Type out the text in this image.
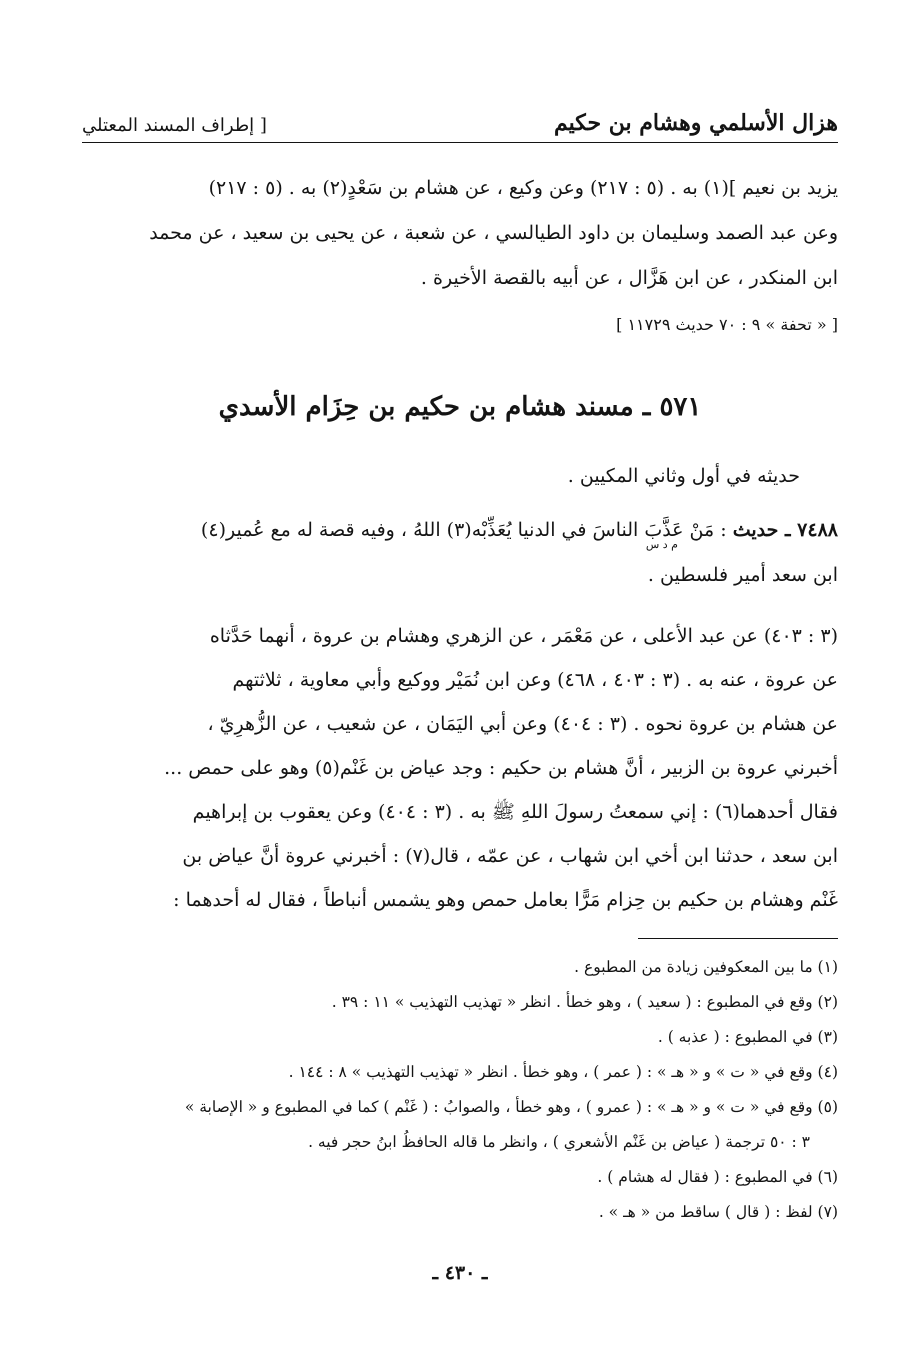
هزال الأسلمي وهشام بن حكيم
[ إطراف المسند المعتلي
يزيد بن نعيم ](١) به . (٥ : ٢١٧) وعن وكيع ، عن هشام بن سَعْدٍ(٢) به . (٥ : ٢١٧)
وعن عبد الصمد وسليمان بن داود الطيالسي ، عن شعبة ، عن يحيى بن سعيد ، عن محمد
ابن المنكدر ، عن ابن هَزَّال ، عن أبيه بالقصة الأخيرة .
[ « تحفة » ٩ : ٧٠ حديث ١١٧٢٩ ]
٥٧١ ـ مسند هشام بن حكيم بن حِزَام الأسدي
حديثه في أول وثاني المكيين .
٧٤٨٨ ـ حديث : مَنْ عَذَّبَ الناسَ في الدنيا يُعَذِّبْه(٣) اللهُ ، وفيه قصة له مع عُمير(٤)
م د س
ابن سعد أمير فلسطين .
(٣ : ٤٠٣) عن عبد الأعلى ، عن مَعْمَر ، عن الزهري وهشام بن عروة ، أنهما حَدَّثاه
عن عروة ، عنه به . (٣ : ٤٠٣ ، ٤٦٨) وعن ابن نُمَيْر ووكيع وأبي معاوية ، ثلاثتهم
عن هشام بن عروة نحوه . (٣ : ٤٠٤) وعن أبي اليَمَان ، عن شعيب ، عن الزُّهرِيّ ،
أخبرني عروة بن الزبير ، أنَّ هشام بن حكيم : وجد عياض بن غَنْم(٥) وهو على حمص ...
فقال أحدهما(٦) : إني سمعتُ رسولَ اللهِ ﷺ به . (٣ : ٤٠٤) وعن يعقوب بن إبراهيم
ابن سعد ، حدثنا ابن أخي ابن شهاب ، عن عمّه ، قال(٧) : أخبرني عروة أنَّ عياض بن
غَنْم وهشام بن حكيم بن حِزام مَرًّا بعامل حمص وهو يشمس أنباطاً ، فقال له أحدهما :
(١) ما بين المعكوفين زيادة من المطبوع .
(٢) وقع في المطبوع : ( سعيد ) ، وهو خطأ . انظر « تهذيب التهذيب » ١١ : ٣٩ .
(٣) في المطبوع : ( عذبه ) .
(٤) وقع في « ت » و « هـ » : ( عمر ) ، وهو خطأ . انظر « تهذيب التهذيب » ٨ : ١٤٤ .
(٥) وقع في « ت » و « هـ » : ( عمرو ) ، وهو خطأ ، والصوابُ : ( غَنْم ) كما في المطبوع و « الإصابة »
٣ : ٥٠ ترجمة ( عياض بن غَنْم الأشعري ) ، وانظر ما قاله الحافظُ ابنُ حجر فيه .
(٦) في المطبوع : ( فقال له هشام ) .
(٧) لفظ : ( قال ) ساقط من « هـ » .
ـ ٤٣٠ ـ
